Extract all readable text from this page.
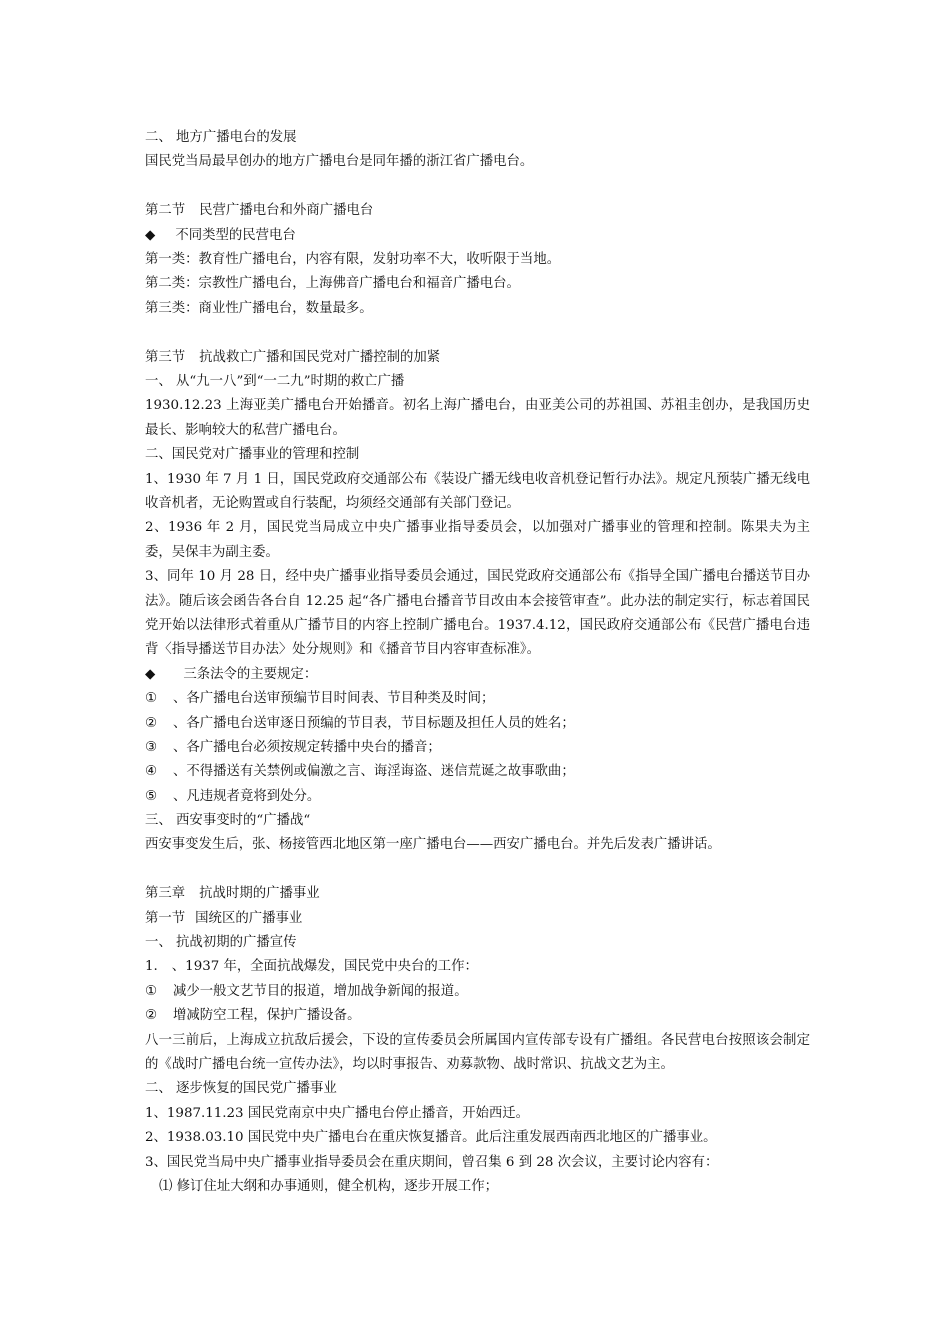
二、 地方广播电台的发展
国民党当局最早创办的地方广播电台是同年播的浙江省广播电台。
第二节 民营广播电台和外商广播电台
◆ 不同类型的民营电台
第一类：教育性广播电台，内容有限，发射功率不大，收听限于当地。
第二类：宗教性广播电台，上海佛音广播电台和福音广播电台。
第三类：商业性广播电台，数量最多。
第三节 抗战救亡广播和国民党对广播控制的加紧
一、 从“九一八”到“一二九”时期的救亡广播
1930.12.23 上海亚美广播电台开始播音。初名上海广播电台，由亚美公司的苏祖国、苏祖圭创办，是我国历史最长、影响较大的私营广播电台。
二、国民党对广播事业的管理和控制
1、1930 年 7 月 1 日，国民党政府交通部公布《装设广播无线电收音机登记暂行办法》。规定凡预装广播无线电收音机者，无论购置或自行装配，均须经交通部有关部门登记。
2、1936 年 2 月，国民党当局成立中央广播事业指导委员会，以加强对广播事业的管理和控制。陈果夫为主委，吴保丰为副主委。
3、同年 10 月 28 日，经中央广播事业指导委员会通过，国民党政府交通部公布《指导全国广播电台播送节目办法》。随后该会函告各台自 12.25 起“各广播电台播音节目改由本会接管审查”。此办法的制定实行，标志着国民党开始以法律形式着重从广播节目的内容上控制广播电台。1937.4.12，国民政府交通部公布《民营广播电台违背〈指导播送节目办法〉处分规则》和《播音节目内容审查标准》。
◆ 三条法令的主要规定：
① 、各广播电台送审预编节目时间表、节目种类及时间；
② 、各广播电台送审逐日预编的节目表，节目标题及担任人员的姓名；
③ 、各广播电台必须按规定转播中央台的播音；
④ 、不得播送有关禁例或偏激之言、诲淫诲盗、迷信荒诞之故事歌曲；
⑤ 、凡违规者竟将到处分。
三、 西安事变时的“广播战“
西安事变发生后，张、杨接管西北地区第一座广播电台——西安广播电台。并先后发表广播讲话。
第三章 抗战时期的广播事业
第一节 国统区的广播事业
一、 抗战初期的广播宣传
1. 、1937 年，全面抗战爆发，国民党中央台的工作：
① 减少一般文艺节目的报道，增加战争新闻的报道。
② 增减防空工程，保护广播设备。
八一三前后，上海成立抗敌后援会，下设的宣传委员会所属国内宣传部专设有广播组。各民营电台按照该会制定的《战时广播电台统一宣传办法》，均以时事报告、劝募款物、战时常识、抗战文艺为主。
二、 逐步恢复的国民党广播事业
1、1987.11.23 国民党南京中央广播电台停止播音，开始西迁。
2、1938.03.10 国民党中央广播电台在重庆恢复播音。此后注重发展西南西北地区的广播事业。
3、国民党当局中央广播事业指导委员会在重庆期间，曾召集 6 到 28 次会议，主要讨论内容有：
⑴ 修订住址大纲和办事通则，健全机构，逐步开展工作；
